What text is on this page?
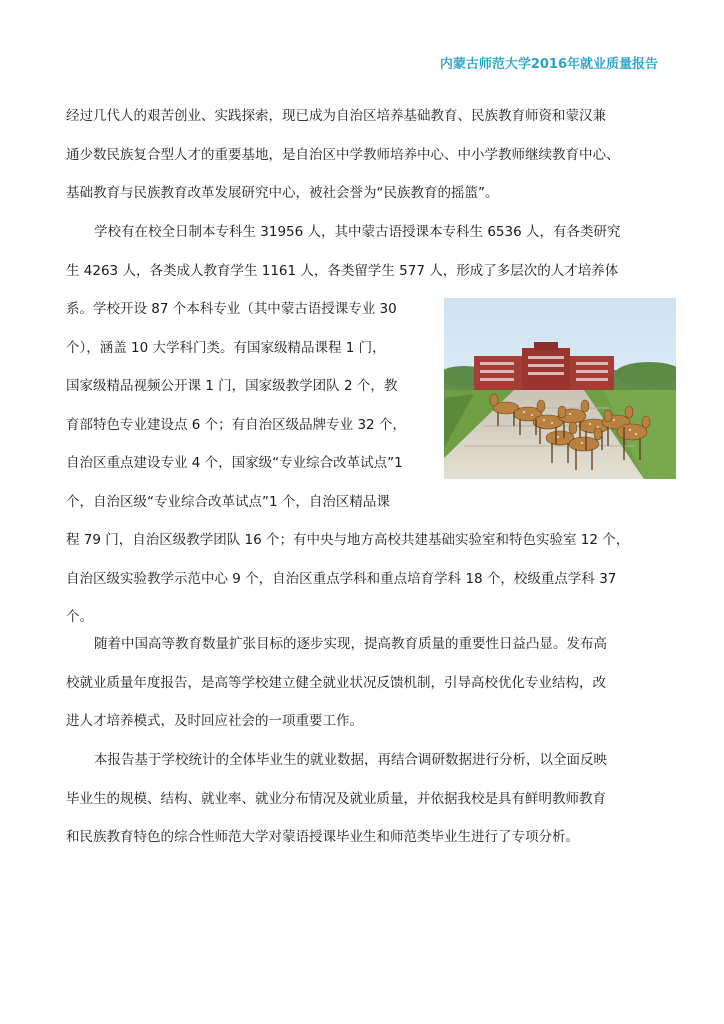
内蒙古师范大学2016年就业质量报告
经过几代人的艰苦创业、实践探索，现已成为自治区培养基础教育、民族教育师资和蒙汉兼
通少数民族复合型人才的重要基地，是自治区中学教师培养中心、中小学教师继续教育中心、
基础教育与民族教育改革发展研究中心，被社会誉为“民族教育的摇篮”。
学校有在校全日制本专科生 31956 人，其中蒙古语授课本专科生 6536 人，有各类研究
生 4263 人，各类成人教育学生 1161 人，各类留学生 577 人，形成了多层次的人才培养体
系。学校开设 87 个本科专业（其中蒙古语授课专业 30
个），涵盖 10 大学科门类。有国家级精品课程 1 门，
国家级精品视频公开课 1 门，国家级教学团队 2 个，教
育部特色专业建设点 6 个；有自治区级品牌专业 32 个，
自治区重点建设专业 4 个，国家级“专业综合改革试点”1
个，自治区级“专业综合改革试点”1 个，自治区精品课
程 79 门，自治区级教学团队 16 个；有中央与地方高校共建基础实验室和特色实验室 12 个，
自治区级实验教学示范中心 9 个，自治区重点学科和重点培育学科 18 个，校级重点学科 37
个。
随着中国高等教育数量扩张目标的逐步实现，提高教育质量的重要性日益凸显。发布高
校就业质量年度报告，是高等学校建立健全就业状况反馈机制，引导高校优化专业结构，改
进人才培养模式，及时回应社会的一项重要工作。
本报告基于学校统计的全体毕业生的就业数据，再结合调研数据进行分析，以全面反映
毕业生的规模、结构、就业率、就业分布情况及就业质量，并依据我校是具有鲜明教师教育
和民族教育特色的综合性师范大学对蒙语授课毕业生和师范类毕业生进行了专项分析。
